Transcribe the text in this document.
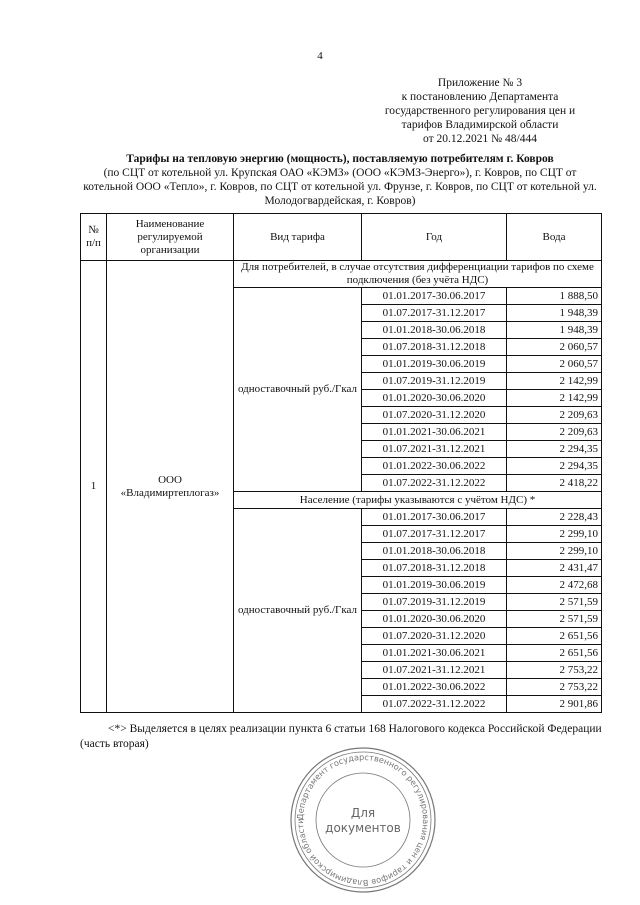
4
Приложение № 3
к постановлению Департамента
государственного регулирования цен и
тарифов Владимирской области
от 20.12.2021 № 48/444
Тарифы на тепловую энергию (мощность), поставляемую потребителям г. Ковров
(по СЦТ от котельной ул. Крупская ОАО «КЭМЗ» (ООО «КЭМЗ-Энерго»), г. Ковров, по СЦТ от котельной ООО «Тепло», г. Ковров, по СЦТ от котельной ул. Фрунзе, г. Ковров, по СЦТ от котельной ул. Молодогвардейская, г. Ковров)
№ п/п	Наименование регулируемой организации	Вид тарифа	Год	Вода
1	ООО «Владимиртеплогаз»	Для потребителей, в случае отсутствия дифференциации тарифов по схеме подключения (без учёта НДС)		
		одноставочный руб./Гкал	01.01.2017-30.06.2017	1 888,50
			01.07.2017-31.12.2017	1 948,39
			01.01.2018-30.06.2018	1 948,39
			01.07.2018-31.12.2018	2 060,57
			01.01.2019-30.06.2019	2 060,57
			01.07.2019-31.12.2019	2 142,99
			01.01.2020-30.06.2020	2 142,99
			01.07.2020-31.12.2020	2 209,63
			01.01.2021-30.06.2021	2 209,63
			01.07.2021-31.12.2021	2 294,35
			01.01.2022-30.06.2022	2 294,35
			01.07.2022-31.12.2022	2 418,22
		Население (тарифы указываются с учётом НДС) *		
		одноставочный руб./Гкал	01.01.2017-30.06.2017	2 228,43
			01.07.2017-31.12.2017	2 299,10
			01.01.2018-30.06.2018	2 299,10
			01.07.2018-31.12.2018	2 431,47
			01.01.2019-30.06.2019	2 472,68
			01.07.2019-31.12.2019	2 571,59
			01.01.2020-30.06.2020	2 571,59
			01.07.2020-31.12.2020	2 651,56
			01.01.2021-30.06.2021	2 651,56
			01.07.2021-31.12.2021	2 753,22
			01.01.2022-30.06.2022	2 753,22
			01.07.2022-31.12.2022	2 901,86
<*> Выделяется в целях реализации пункта 6 статьи 168 Налогового кодекса Российской Федерации (часть вторая)
Департамент государственного регулирования цен и тарифов Владимирской области
Для
документов
